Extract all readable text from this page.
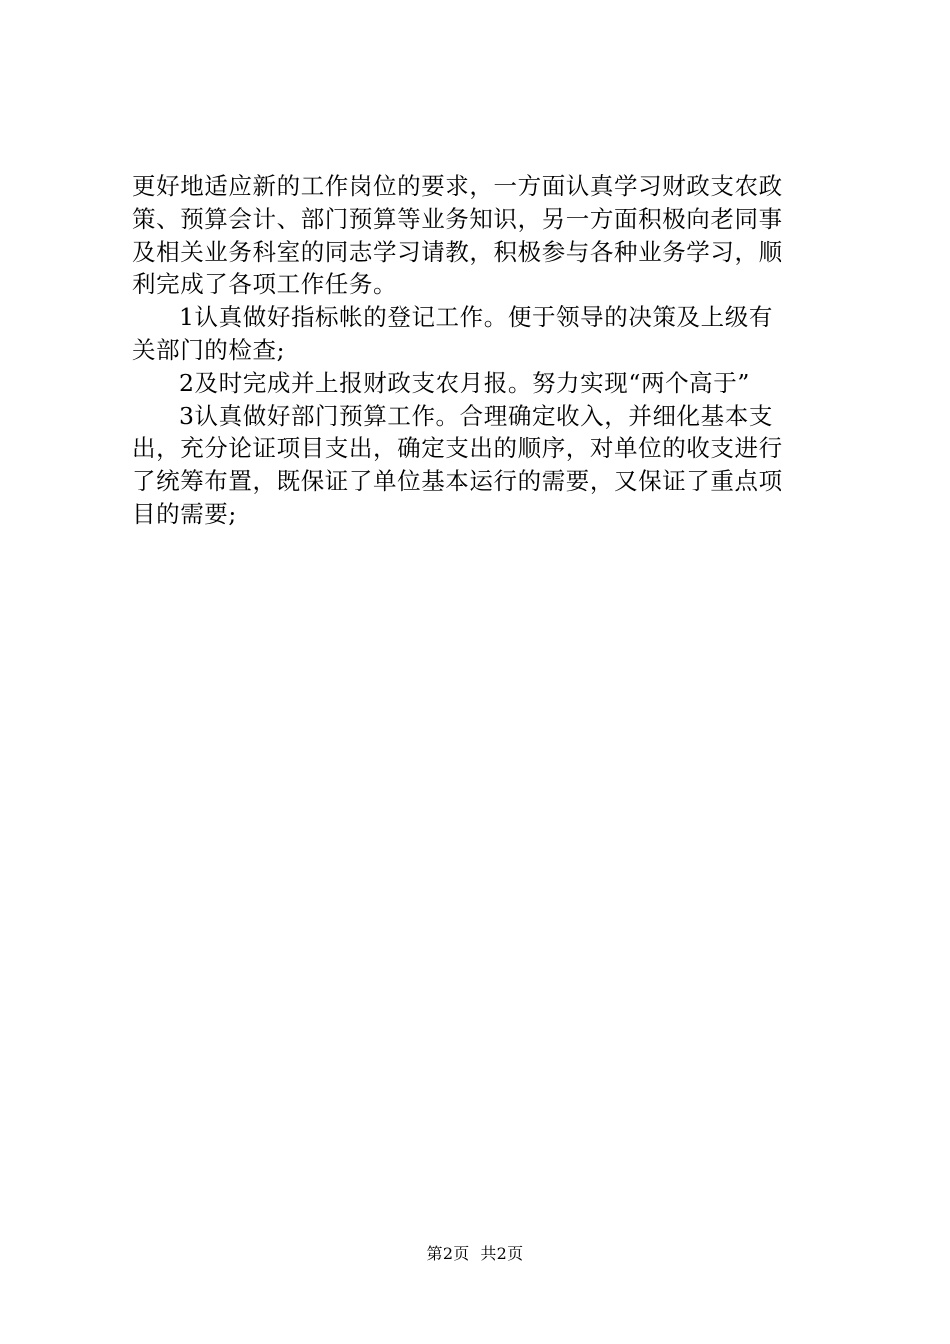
更好地适应新的工作岗位的要求，一方面认真学习财政支农政
策、预算会计、部门预算等业务知识，另一方面积极向老同事
及相关业务科室的同志学习请教，积极参与各种业务学习，顺
利完成了各项工作任务。
1认真做好指标帐的登记工作。便于领导的决策及上级有
关部门的检查;
2及时完成并上报财政支农月报。努力实现“两个高于”
3认真做好部门预算工作。合理确定收入，并细化基本支
出，充分论证项目支出，确定支出的顺序，对单位的收支进行
了统筹布置，既保证了单位基本运行的需要，又保证了重点项
目的需要;
第2页  共2页
